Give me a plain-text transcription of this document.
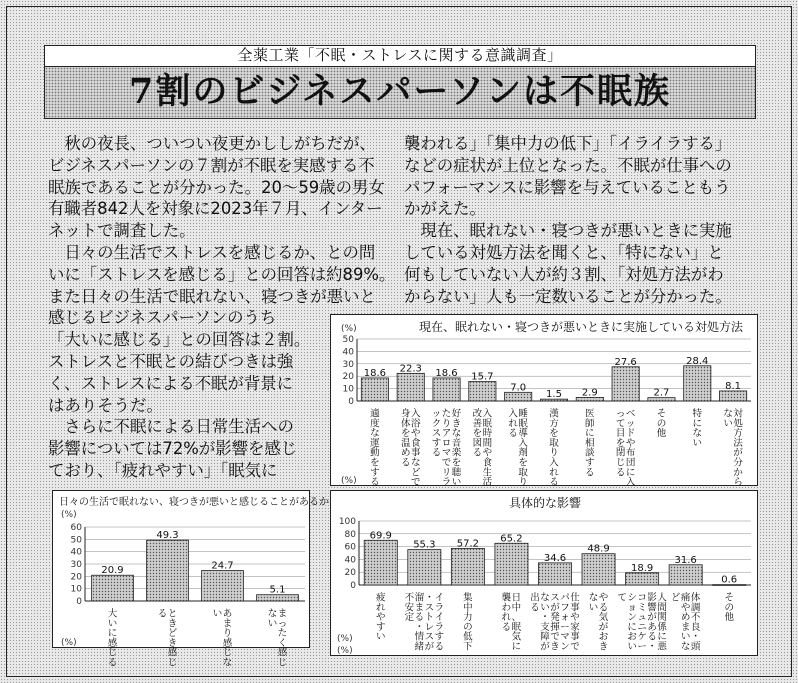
全薬工業「不眠・ストレスに関する意識調査」
7割のビジネスパーソンは不眠族
　秋の夜長、ついつい夜更かししがちだが、
ビジネスパーソンの７割が不眠を実感する不
眠族であることが分かった。20～59歳の男女
有職者842人を対象に2023年７月、インター
ネットで調査した。
　日々の生活でストレスを感じるか、との問
いに「ストレスを感じる」との回答は約89%。
また日々の生活で眠れない、寝つきが悪いと
感じるビジネスパーソンのうち
「大いに感じる」との回答は２割。
ストレスと不眠との結びつきは強
く、ストレスによる不眠が背景に
はありそうだ。
　さらに不眠による日常生活への
影響については72%が影響を感じ
ており、「疲れやすい」「眠気に
襲われる」「集中力の低下」「イライラする」
などの症状が上位となった。不眠が仕事への
パフォーマンスに影響を与えていることもう
かがえた。
　現在、眠れない・寝つきが悪いときに実施
している対処方法を聞くと、「特にない」と
何もしていない人が約３割、「対処方法がわ
からない」人も一定数いることが分かった。
現在、眠れない・寝つきが悪いときに実施している対処方法
(%)
(%)
0
10
20
30
40
50
18.6
適度な運動をする
22.3
入浴や食事などで身体を温める
18.6
好きな音楽を聴いたりアロマでリラックスする
15.7
入眠時間や食生活改善を図る
7.0
睡眠導入剤を取り入れる
1.5
漢方を取り入れる
2.9
医師に相談する
27.6
ベッドや布団に入って目を閉じる
2.7
その他
28.4
特にない
8.1
対処方法が分からない
日々の生活で眠れない、寝つきが悪いと感じることがあるか
(%)
(%)
0
10
20
30
40
50
60
20.9
大いに感じる
49.3
ときどき感じる
24.7
あまり感じない
5.1
まったく感じない
具体的な影響
(%)
(%)
0
20
40
60
80
100
69.9
疲れやすい
55.3
イライラする・ストレスが溜まる・情緒不安定
57.2
集中力の低下
65.2
日中、眠気に襲われる
34.6
仕事や家事でパフォーマンスが発揮できない・支障が出る
48.9
やる気がおきない
18.9
人間関係に悪影響がある・コミュニケーションにおいて
31.6
体調不良・頭痛やめまいなど
0.6
その他
